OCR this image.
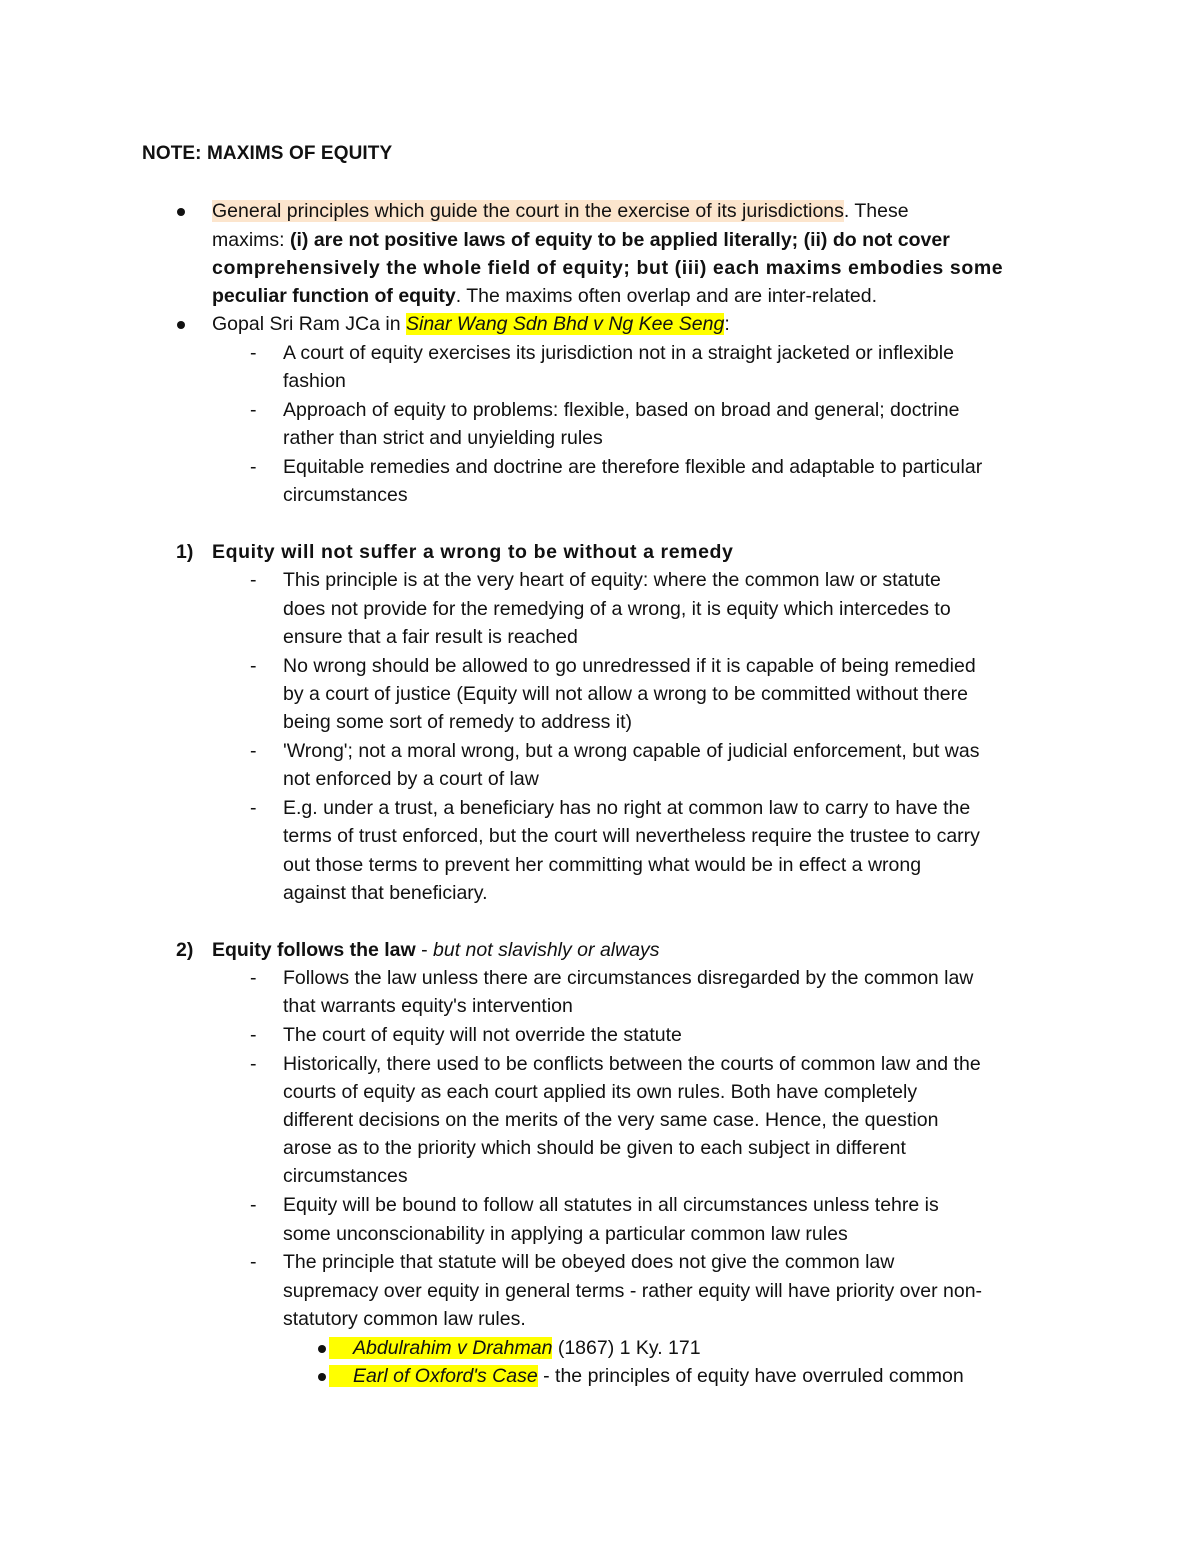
NOTE: MAXIMS OF EQUITY
General principles which guide the court in the exercise of its jurisdictions. These
maxims: (i) are not positive laws of equity to be applied literally; (ii) do not cover
comprehensively the whole field of equity; but (iii) each maxims embodies some
peculiar function of equity. The maxims often overlap and are inter-related.
Gopal Sri Ram JCa in Sinar Wang Sdn Bhd v Ng Kee Seng:
- A court of equity exercises its jurisdiction not in a straight jacketed or inflexible
fashion
- Approach of equity to problems: flexible, based on broad and general; doctrine
rather than strict and unyielding rules
- Equitable remedies and doctrine are therefore flexible and adaptable to particular
circumstances
1) Equity will not suffer a wrong to be without a remedy
- This principle is at the very heart of equity: where the common law or statute
does not provide for the remedying of a wrong, it is equity which intercedes to
ensure that a fair result is reached
- No wrong should be allowed to go unredressed if it is capable of being remedied
by a court of justice (Equity will not allow a wrong to be committed without there
being some sort of remedy to address it)
- 'Wrong'; not a moral wrong, but a wrong capable of judicial enforcement, but was
not enforced by a court of law
- E.g. under a trust, a beneficiary has no right at common law to carry to have the
terms of trust enforced, but the court will nevertheless require the trustee to carry
out those terms to prevent her committing what would be in effect a wrong
against that beneficiary.
2) Equity follows the law - but not slavishly or always
- Follows the law unless there are circumstances disregarded by the common law
that warrants equity's intervention
- The court of equity will not override the statute
- Historically, there used to be conflicts between the courts of common law and the
courts of equity as each court applied its own rules. Both have completely
different decisions on the merits of the very same case. Hence, the question
arose as to the priority which should be given to each subject in different
circumstances
- Equity will be bound to follow all statutes in all circumstances unless tehre is
some unconscionability in applying a particular common law rules
- The principle that statute will be obeyed does not give the common law
supremacy over equity in general terms - rather equity will have priority over non-
statutory common law rules.
Abdulrahim v Drahman (1867) 1 Ky. 171
Earl of Oxford's Case - the principles of equity have overruled common
